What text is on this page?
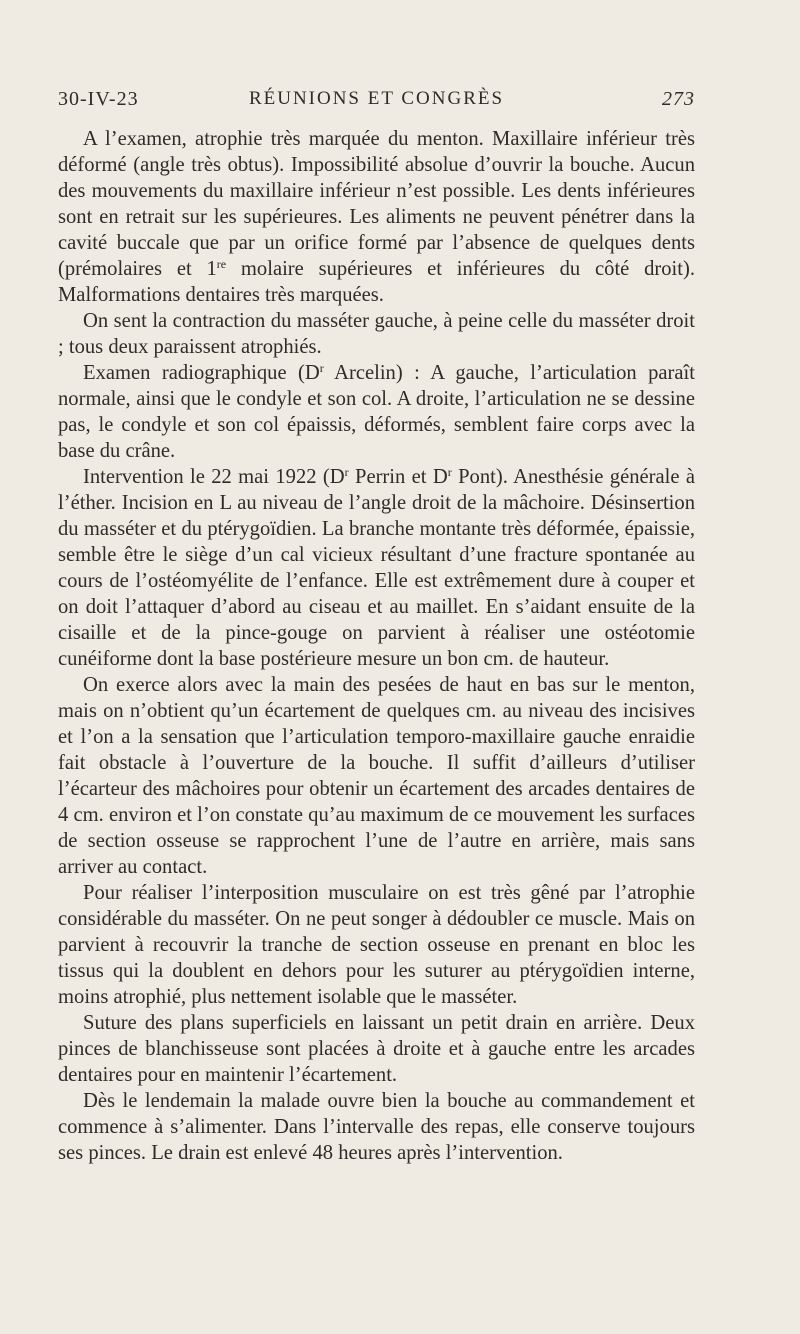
30-IV-23	RÉUNIONS ET CONGRÈS	273

A l’examen, atrophie très marquée du menton. Maxillaire inférieur très déformé (angle très obtus). Impossibilité absolue d’ouvrir la bouche. Aucun des mouvements du maxillaire inférieur n’est possible. Les dents inférieures sont en retrait sur les supérieures. Les aliments ne peuvent pénétrer dans la cavité buccale que par un orifice formé par l’absence de quelques dents (prémolaires et 1re molaire supérieures et inférieures du côté droit). Malformations dentaires très marquées.

On sent la contraction du masséter gauche, à peine celle du masséter droit ; tous deux paraissent atrophiés.

Examen radiographique ($D^r$ Arcelin) : A gauche, l’articulation paraît normale, ainsi que le condyle et son col. A droite, l’articulation ne se dessine pas, le condyle et son col épaissis, déformés, semblent faire corps avec la base du crâne.

Intervention le 22 mai 1922 ($D^r$ Perrin et $D^r$ Pont). Anesthésie générale à l’éther. Incision en L au niveau de l’angle droit de la mâchoire. Désinsertion du masséter et du ptérygoïdien. La branche montante très déformée, épaissie, semble être le siège d’un cal vicieux résultant d’une fracture spontanée au cours de l’ostéomyélite de l’enfance. Elle est extrêmement dure à couper et on doit l’attaquer d’abord au ciseau et au maillet. En s’aidant ensuite de la cisaille et de la pince-gouge on parvient à réaliser une ostéotomie cunéiforme dont la base postérieure mesure un bon cm. de hauteur.

On exerce alors avec la main des pesées de haut en bas sur le menton, mais on n’obtient qu’un écartement de quelques cm. au niveau des incisives et l’on a la sensation que l’articulation temporo-maxillaire gauche enraidie fait obstacle à l’ouverture de la bouche. Il suffit d’ailleurs d’utiliser l’écarteur des mâchoires pour obtenir un écartement des arcades dentaires de 4 cm. environ et l’on constate qu’au maximum de ce mouvement les surfaces de section osseuse se rapprochent l’une de l’autre en arrière, mais sans arriver au contact.

Pour réaliser l’interposition musculaire on est très gêné par l’atrophie considérable du masséter. On ne peut songer à dédoubler ce muscle. Mais on parvient à recouvrir la tranche de section osseuse en prenant en bloc les tissus qui la doublent en dehors pour les suturer au ptérygoïdien interne, moins atrophié, plus nettement isolable que le masséter.

Suture des plans superficiels en laissant un petit drain en arrière. Deux pinces de blanchisseuse sont placées à droite et à gauche entre les arcades dentaires pour en maintenir l’écartement.

Dès le lendemain la malade ouvre bien la bouche au commandement et commence à s’alimenter. Dans l’intervalle des repas, elle conserve toujours ses pinces. Le drain est enlevé 48 heures après l’intervention.
